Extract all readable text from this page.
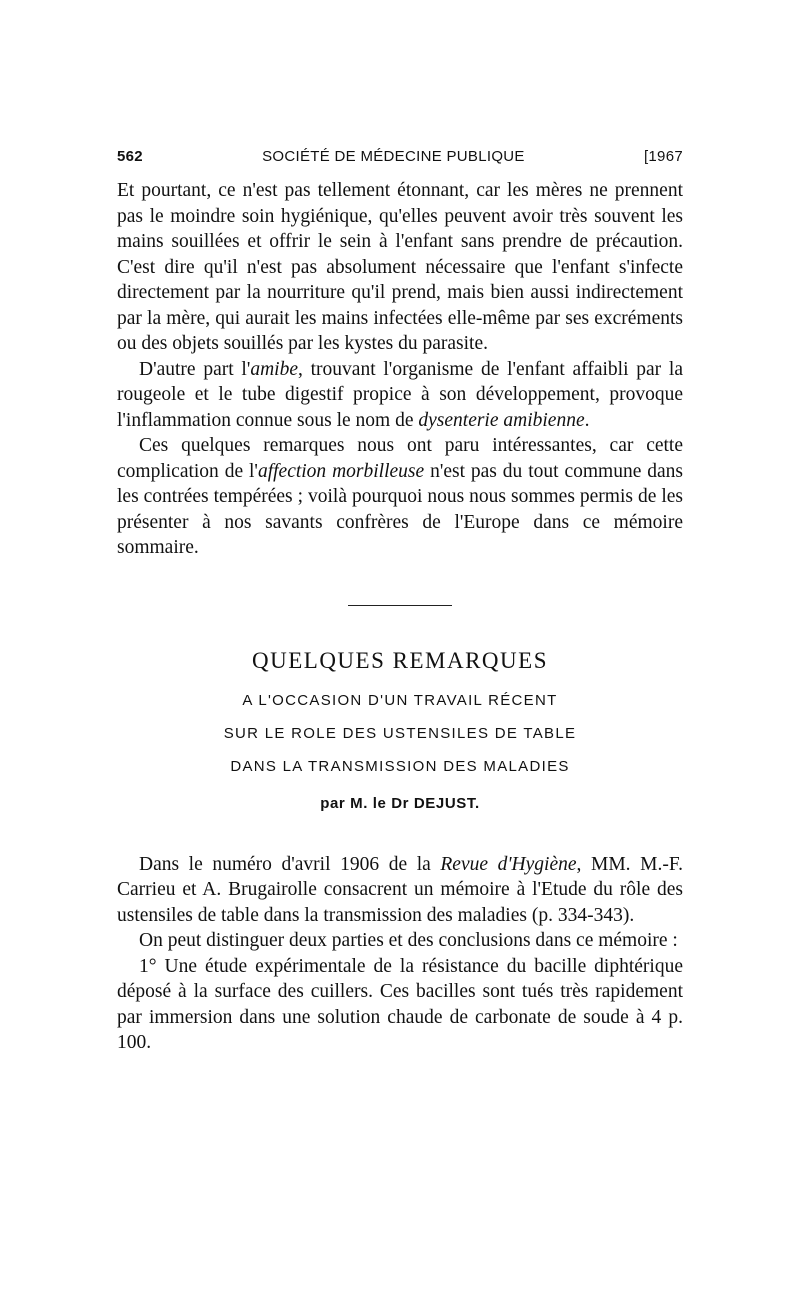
562	SOCIÉTÉ DE MÉDECINE PUBLIQUE	[1967

Et pourtant, ce n'est pas tellement étonnant, car les mères ne prennent pas le moindre soin hygiénique, qu'elles peuvent avoir très souvent les mains souillées et offrir le sein à l'enfant sans prendre de précaution. C'est dire qu'il n'est pas absolument nécessaire que l'enfant s'infecte directement par la nourriture qu'il prend, mais bien aussi indirectement par la mère, qui aurait les mains infectées elle-même par ses excréments ou des objets souillés par les kystes du parasite.

D'autre part l'amibe, trouvant l'organisme de l'enfant affaibli par la rougeole et le tube digestif propice à son développement, provoque l'inflammation connue sous le nom de dysenterie amibienne.

Ces quelques remarques nous ont paru intéressantes, car cette complication de l'affection morbilleuse n'est pas du tout commune dans les contrées tempérées ; voilà pourquoi nous nous sommes permis de les présenter à nos savants confrères de l'Europe dans ce mémoire sommaire.

QUELQUES REMARQUES

A L'OCCASION D'UN TRAVAIL RÉCENT

SUR LE ROLE DES USTENSILES DE TABLE

DANS LA TRANSMISSION DES MALADIES

par M. le Dr DEJUST.

Dans le numéro d'avril 1906 de la Revue d'Hygiène, MM. M.-F. Carrieu et A. Brugairolle consacrent un mémoire à l'Etude du rôle des ustensiles de table dans la transmission des maladies (p. 334-343).

On peut distinguer deux parties et des conclusions dans ce mémoire :

1° Une étude expérimentale de la résistance du bacille diphtérique déposé à la surface des cuillers. Ces bacilles sont tués très rapidement par immersion dans une solution chaude de carbonate de soude à 4 p. 100.
